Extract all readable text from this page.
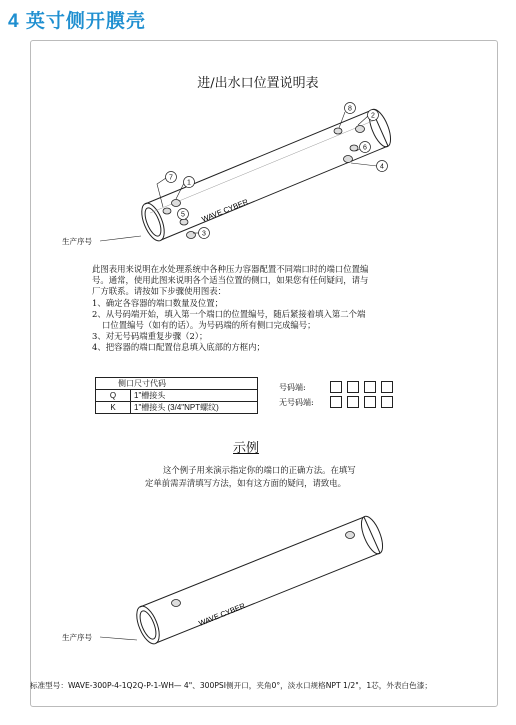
4 英寸侧开膜壳
进/出水口位置说明表
1
2
3
4
5
6
7
8
WAVE CYBER
生产序号
WAVE CYBER
生产序号
此图表用来说明在水处理系统中各种压力容器配置不同端口时的端口位置编
号。通常，使用此图来说明各个适当位置的侧口，如果您有任何疑问，请与
厂方联系。请按如下步骤使用图表：
1、确定各容器的端口数量及位置；
2、从号码端开始，填入第一个端口的位置编号，随后紧接着填入第二个端
口位置编号（如有的话）。为号码端的所有侧口完成编号；
3、对无号码端重复步骤（2）；
4、把容器的端口配置信息填入底部的方框内；
侧口尺寸代码	
Q	1"槽接头
K	1"槽接头 (3/4"NPT螺纹)
号码端:
无号码端:
示例
这个例子用来演示指定你的端口的正确方法。在填写
定单前需弄清填写方法，如有这方面的疑问，请致电。
标准型号：WAVE-300P-4-1Q2Q-P-1-WH— 4"、300PSI侧开口，夹角0°，淡水口规格NPT 1/2"，1芯，外表白色漆；
